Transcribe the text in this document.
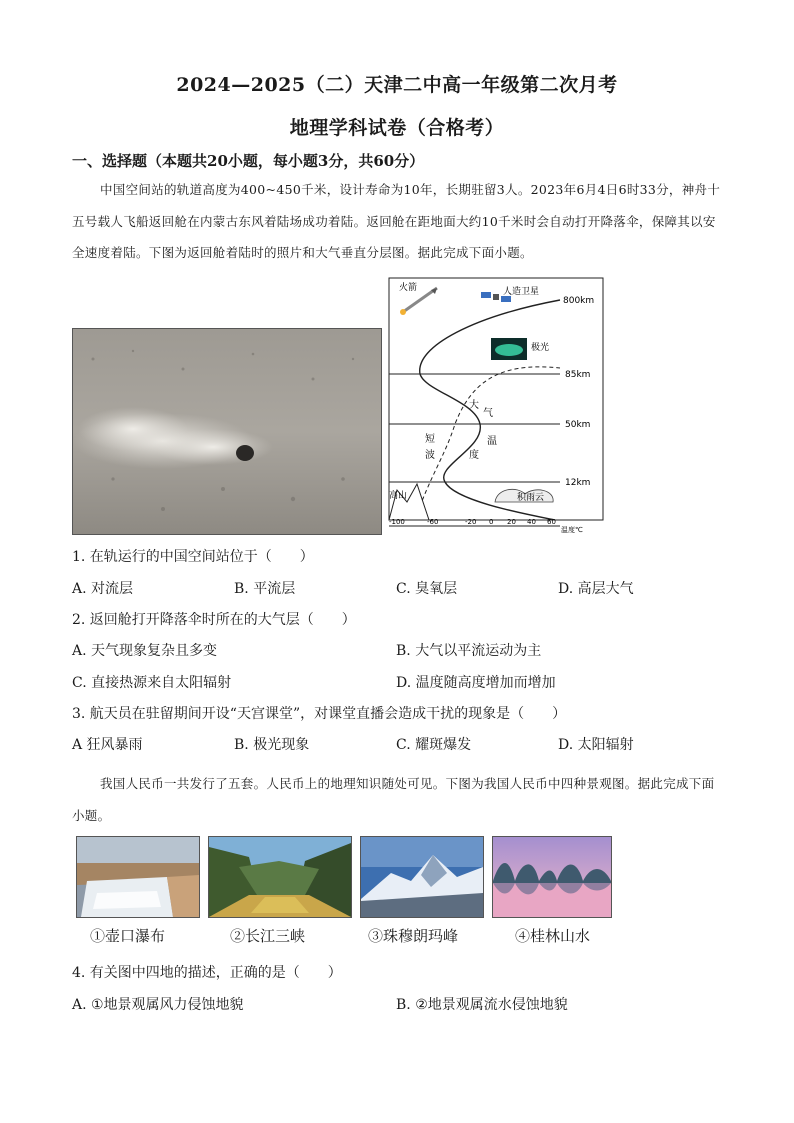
2024—2025（二）天津二中高一年级第二次月考
地理学科试卷（合格考）
一、选择题（本题共20小题，每小题3分，共60分）
中国空间站的轨道高度为400~450千米，设计寿命为10年，长期驻留3人。2023年6月4日6时33分，神舟十五号载人飞船返回舱在内蒙古东风着陆场成功着陆。返回舱在距地面大约10千米时会自动打开降落伞，保障其以安全速度着陆。下图为返回舱着陆时的照片和大气垂直分层图。据此完成下面小题。
火箭	人造卫星
极光
800km
85km
50km
12km
大
气
温
度
短
波
高山	积雨云
-100	-60	-20 0 20 40 60
温度℃
1. 在轨运行的中国空间站位于（　　）
A. 对流层	B. 平流层	C. 臭氧层	D. 高层大气
2. 返回舱打开降落伞时所在的大气层（　　）
A. 天气现象复杂且多变	B. 大气以平流运动为主
C. 直接热源来自太阳辐射	D. 温度随高度增加而增加
3. 航天员在驻留期间开设“天宫课堂”，对课堂直播会造成干扰的现象是（　　）
A 狂风暴雨	B. 极光现象	C. 耀斑爆发	D. 太阳辐射
我国人民币一共发行了五套。人民币上的地理知识随处可见。下图为我国人民币中四种景观图。据此完成下面小题。
①壶口瀑布	②长江三峡	③珠穆朗玛峰	④桂林山水
4. 有关图中四地的描述，正确的是（　　）
A. ①地景观属风力侵蚀地貌	B. ②地景观属流水侵蚀地貌
